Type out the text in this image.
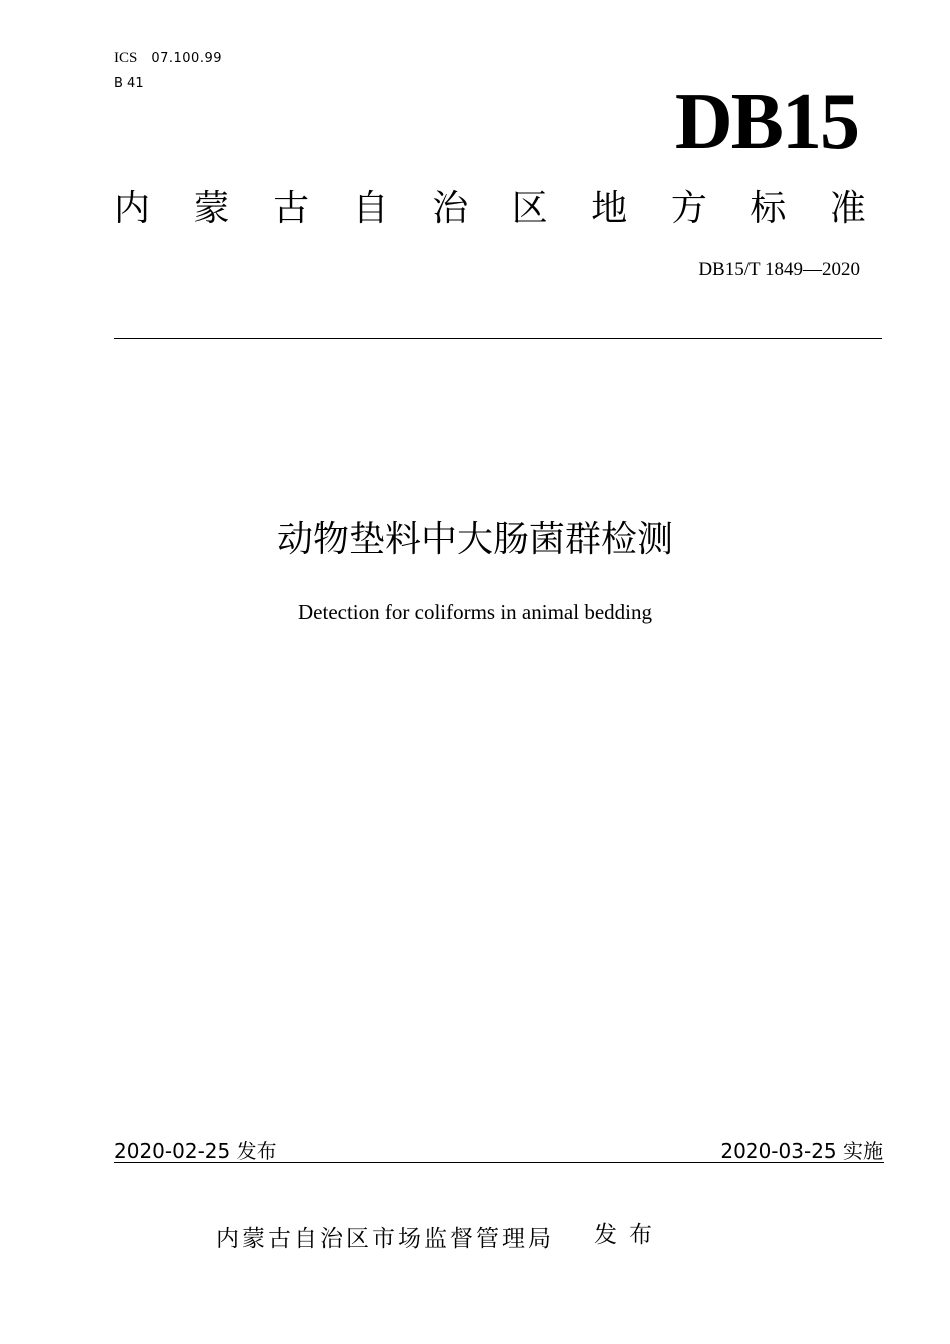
ICS 07.100.99
B 41	DB15
内 蒙 古 自 治 区 地 方 标 准
DB15/T 1849—2020
动物垫料中大肠菌群检测
Detection for coliforms in animal bedding
2020-02-25 发布	2020-03-25 实施
内蒙古自治区市场监督管理局 发布
